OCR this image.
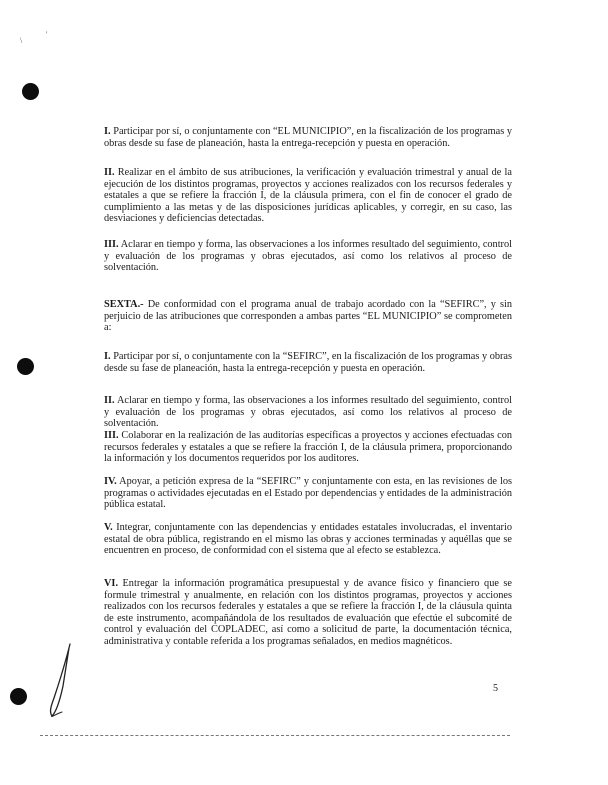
\
'

I. Participar por sí, o conjuntamente con “EL MUNICIPIO”, en la fiscalización de los programas y obras desde su fase de planeación, hasta la entrega-recepción y puesta en operación.

II. Realizar en el ámbito de sus atribuciones, la verificación y evaluación trimestral y anual de la ejecución de los distintos programas, proyectos y acciones realizados con los recursos federales y estatales a que se refiere la fracción I, de la cláusula primera, con el fin de conocer el grado de cumplimiento a las metas y de las disposiciones jurídicas aplicables, y corregir, en su caso, las desviaciones y deficiencias detectadas.

III. Aclarar en tiempo y forma, las observaciones a los informes resultado del seguimiento, control y evaluación de los programas y obras ejecutados, así como los relativos al proceso de solventación.

SEXTA.- De conformidad con el programa anual de trabajo acordado con la “SEFIRC”, y sin perjuicio de las atribuciones que corresponden a ambas partes “EL MUNICIPIO” se comprometen a:

I. Participar por sí, o conjuntamente con la “SEFIRC”, en la fiscalización de los programas y obras desde su fase de planeación, hasta la entrega-recepción y puesta en operación.

II. Aclarar en tiempo y forma, las observaciones a los informes resultado del seguimiento, control y evaluación de los programas y obras ejecutados, así como los relativos al proceso de solventación.

III. Colaborar en la realización de las auditorías específicas a proyectos y acciones efectuadas con recursos federales y estatales a que se refiere la fracción I, de la cláusula primera, proporcionando la información y los documentos requeridos por los auditores.

IV. Apoyar, a petición expresa de la “SEFIRC” y conjuntamente con esta, en las revisiones de los programas o actividades ejecutadas en el Estado por dependencias y entidades de la administración pública estatal.

V. Integrar, conjuntamente con las dependencias y entidades estatales involucradas, el inventario estatal de obra pública, registrando en el mismo las obras y acciones terminadas y aquéllas que se encuentren en proceso, de conformidad con el sistema que al efecto se establezca.

VI. Entregar la información programática presupuestal y de avance físico y financiero que se formule trimestral y anualmente, en relación con los distintos programas, proyectos y acciones realizados con los recursos federales y estatales a que se refiere la fracción I, de la cláusula quinta de este instrumento, acompañándola de los resultados de evaluación que efectúe el subcomité de control y evaluación del COPLADEC, así como a solicitud de parte, la documentación técnica, administrativa y contable referida a los programas señalados, en medios magnéticos.

5
